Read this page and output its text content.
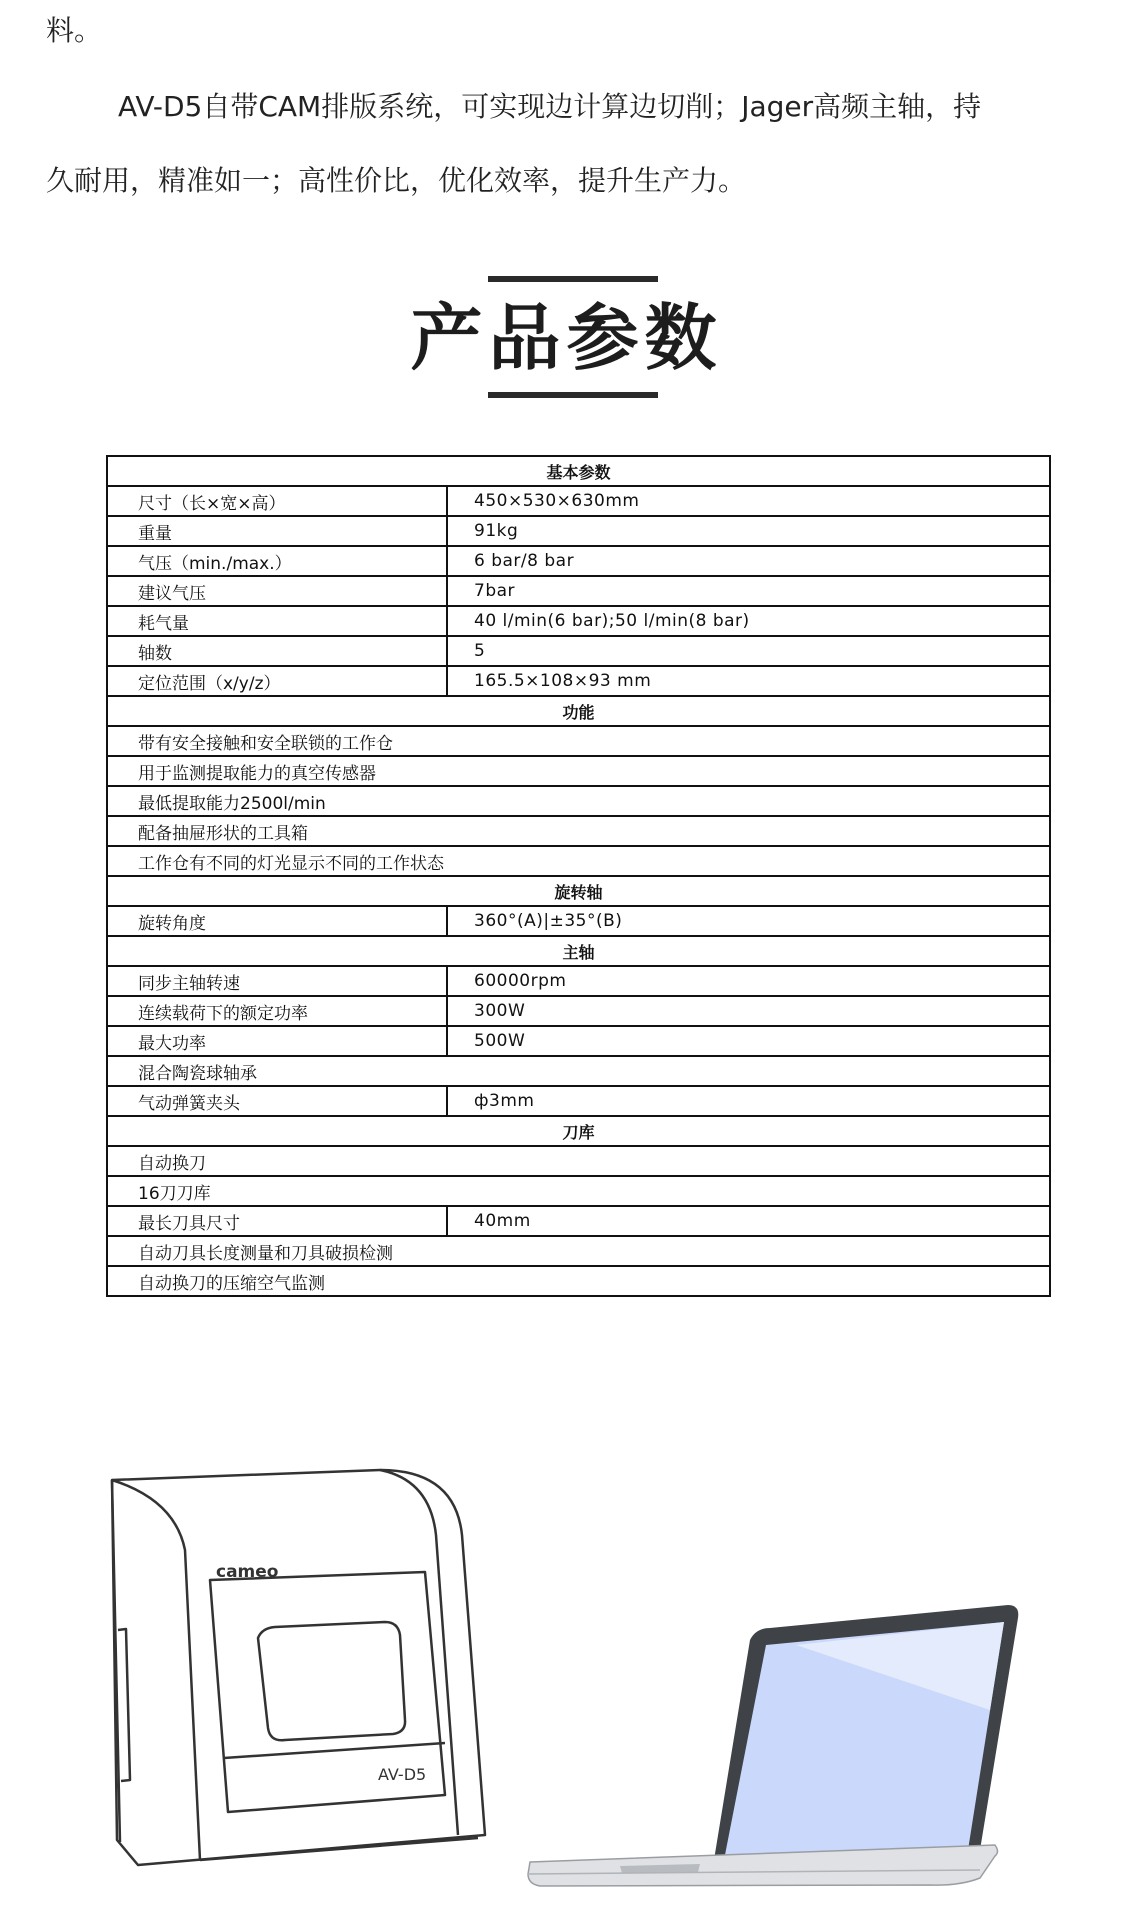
料。
AV-D5自带CAM排版系统，可实现边计算边切削；Jager高频主轴，持
久耐用，精准如一；高性价比，优化效率，提升生产力。
产品参数
基本参数	
尺寸（长×宽×高）	450×530×630mm
重量	91kg
气压（min./max.）	6 bar/8 bar
建议气压	7bar
耗气量	40 l/min(6 bar);50 l/min(8 bar)
轴数	5
定位范围（x/y/z）	165.5×108×93 mm
功能	
带有安全接触和安全联锁的工作仓	
用于监测提取能力的真空传感器	
最低提取能力2500l/min	
配备抽屉形状的工具箱	
工作仓有不同的灯光显示不同的工作状态	
旋转轴	
旋转角度	360°(A)|±35°(B)
主轴	
同步主轴转速	60000rpm
连续载荷下的额定功率	300W
最大功率	500W
混合陶瓷球轴承	
气动弹簧夹头	ф3mm
刀库	
自动换刀	
16刀刀库	
最长刀具尺寸	40mm
自动刀具长度测量和刀具破损检测	
自动换刀的压缩空气监测	
cameo
AV-D5
